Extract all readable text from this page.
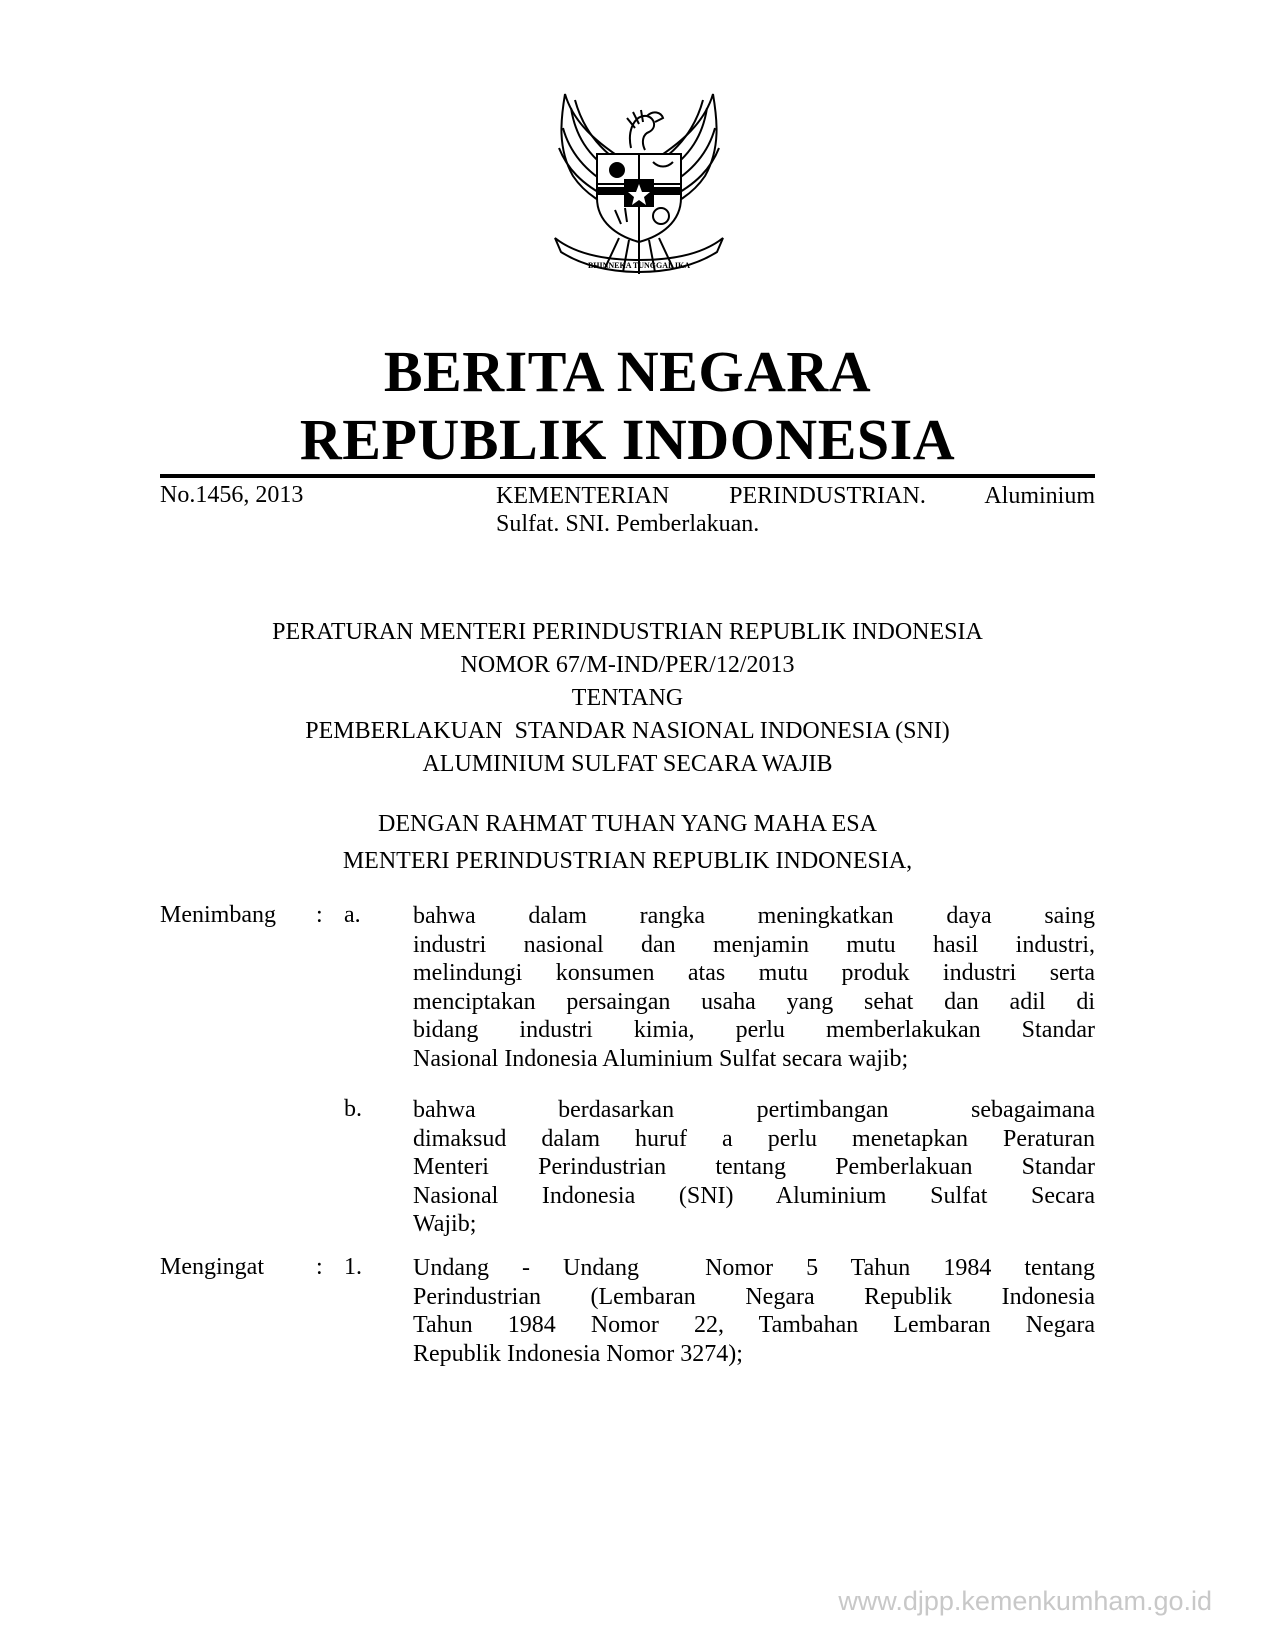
BHINNEKA TUNGGAL IKA
BERITA NEGARA
REPUBLIK INDONESIA
No.1456, 2013	KEMENTERIAN PERINDUSTRIAN. Aluminium
Sulfat. SNI. Pemberlakuan.
PERATURAN MENTERI PERINDUSTRIAN REPUBLIK INDONESIA
NOMOR 67/M-IND/PER/12/2013
TENTANG
PEMBERLAKUAN  STANDAR NASIONAL INDONESIA (SNI)
ALUMINIUM SULFAT SECARA WAJIB
DENGAN RAHMAT TUHAN YANG MAHA ESA
MENTERI PERINDUSTRIAN REPUBLIK INDONESIA,
Menimbang : a. bahwa dalam rangka meningkatkan daya saing
industri nasional dan menjamin mutu hasil industri,
melindungi konsumen atas mutu produk industri serta
menciptakan persaingan usaha yang sehat dan adil di
bidang industri kimia, perlu memberlakukan Standar
Nasional Indonesia Aluminium Sulfat secara wajib;
b. bahwa berdasarkan pertimbangan sebagaimana
dimaksud dalam huruf a perlu menetapkan Peraturan
Menteri Perindustrian tentang Pemberlakuan Standar
Nasional Indonesia (SNI) Aluminium Sulfat Secara
Wajib;
Mengingat : 1. Undang - Undang  Nomor 5 Tahun 1984 tentang
Perindustrian (Lembaran Negara Republik Indonesia
Tahun 1984 Nomor 22, Tambahan Lembaran Negara
Republik Indonesia Nomor 3274);
www.djpp.kemenkumham.go.id
